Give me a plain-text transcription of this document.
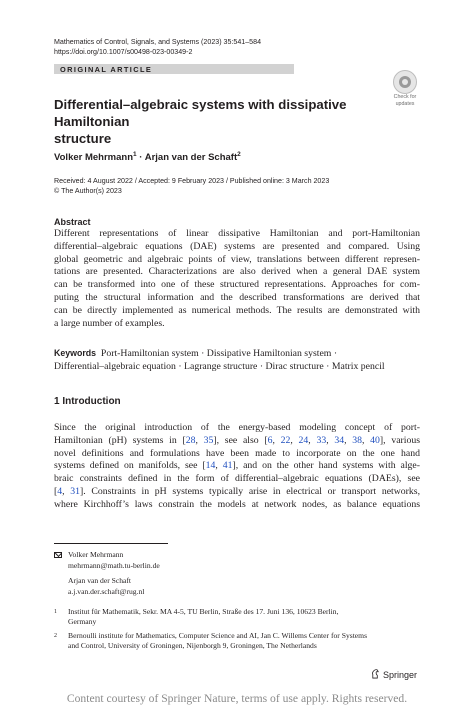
Mathematics of Control, Signals, and Systems (2023) 35:541–584
https://doi.org/10.1007/s00498-023-00349-2
ORIGINAL ARTICLE
Check for
updates
Differential–algebraic systems with dissipative Hamiltonian
structure
Volker Mehrmann$^1$ · Arjan van der Schaft$^2$
Received: 4 August 2022 / Accepted: 9 February 2023 / Published online: 3 March 2023
© The Author(s) 2023
Abstract
Different representations of linear dissipative Hamiltonian and port-Hamiltonian
differential–algebraic equations (DAE) systems are presented and compared. Using
global geometric and algebraic points of view, translations between different represen-
tations are presented. Characterizations are also derived when a general DAE system
can be transformed into one of these structured representations. Approaches for com-
puting the structural information and the described transformations are derived that
can be directly implemented as numerical methods. The results are demonstrated with
a large number of examples.
Keywords Port-Hamiltonian system · Dissipative Hamiltonian system ·
Differential–algebraic equation · Lagrange structure · Dirac structure · Matrix pencil
1 Introduction
Since the original introduction of the energy-based modeling concept of port-
Hamiltonian (pH) systems in [28, 35], see also [6, 22, 24, 33, 34, 38, 40], various
novel definitions and formulations have been made to incorporate on the one hand
systems defined on manifolds, see [14, 41], and on the other hand systems with alge-
braic constraints defined in the form of differential–algebraic equations (DAEs), see
[4, 31]. Constraints in pH systems typically arise in electrical or transport networks,
where Kirchhoff’s laws constrain the models at network nodes, as balance equations
Volker Mehrmann
mehrmann@math.tu-berlin.de
Arjan van der Schaft
a.j.van.der.schaft@rug.nl
1 Institut für Mathematik, Sekr. MA 4-5, TU Berlin, Straße des 17. Juni 136, 10623 Berlin,
Germany
2 Bernoulli institute for Mathematics, Computer Science and AI, Jan C. Willems Center for Systems
and Control, University of Groningen, Nijenborgh 9, Groningen, The Netherlands
Springer
Content courtesy of Springer Nature, terms of use apply. Rights reserved.
